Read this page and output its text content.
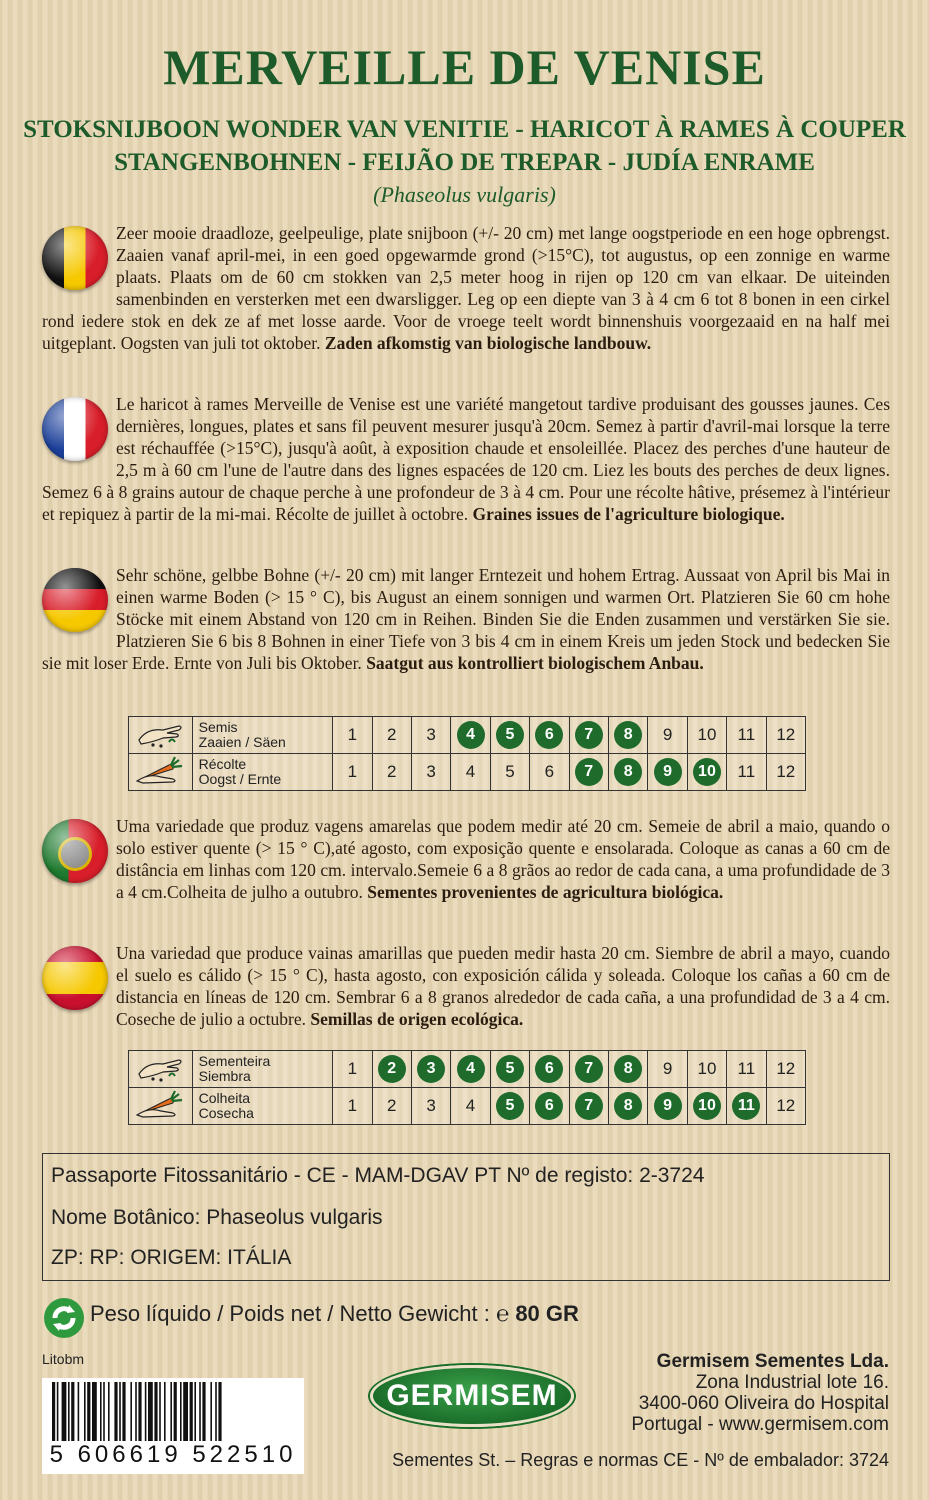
MERVEILLE DE VENISE
STOKSNIJBOON WONDER VAN VENITIE - HARICOT À RAMES À COUPER
STANGENBOHNEN - FEIJÃO DE TREPAR - JUDÍA ENRAME
(Phaseolus vulgaris)
Zeer mooie draadloze, geelpeulige, plate snijboon (+/- 20 cm) met lange oogstperiode en een hoge opbrengst. Zaaien vanaf april-mei, in een goed opgewarmde grond (>15°C), tot augustus, op een zonnige en warme plaats. Plaats om de 60 cm stokken van 2,5 meter hoog in rijen op 120 cm van elkaar. De uiteinden samenbinden en versterken met een dwarsligger. Leg op een diepte van 3 à 4 cm 6 tot 8 bonen in een cirkel rond iedere stok en dek ze af met losse aarde. Voor de vroege teelt wordt binnenshuis voorgezaaid en na half mei uitgeplant. Oogsten van juli tot oktober. Zaden afkomstig van biologische landbouw.
Le haricot à rames Merveille de Venise est une variété mangetout tardive produisant des gousses jaunes. Ces dernières, longues, plates et sans fil peuvent mesurer jusqu'à 20cm. Semez à partir d'avril-mai lorsque la terre est réchauffée (>15°C), jusqu'à août, à exposition chaude et ensoleillée. Placez des perches d'une hauteur de 2,5 m à 60 cm l'une de l'autre dans des lignes espacées de 120 cm. Liez les bouts des perches de deux lignes. Semez 6 à 8 grains autour de chaque perche à une profondeur de 3 à 4 cm. Pour une récolte hâtive, présemez à l'intérieur et repiquez à partir de la mi-mai. Récolte de juillet à octobre. Graines issues de l'agriculture biologique.
Sehr schöne, gelbbe Bohne (+/- 20 cm) mit langer Erntezeit und hohem Ertrag. Aussaat von April bis Mai in einen warme Boden (> 15 ° C), bis August an einem sonnigen und warmen Ort. Platzieren Sie 60 cm hohe Stöcke mit einem Abstand von 120 cm in Reihen. Binden Sie die Enden zusammen und verstärken Sie sie. Platzieren Sie 6 bis 8 Bohnen in einer Tiefe von 3 bis 4 cm in einem Kreis um jeden Stock und bedecken Sie sie mit loser Erde. Ernte von Juli bis Oktober. Saatgut aus kontrolliert biologischem Anbau.

Semis
Zaaien / Säen	1	2	3	4	5	6	7	8	9	10	11	12

Récolte
Oogst / Ernte	1	2	3	4	5	6	7	8	9	10	11	12
Uma variedade que produz vagens amarelas que podem medir até 20 cm. Semeie de abril a maio, quando o solo estiver quente (> 15 ° C),até agosto, com exposição quente e ensolarada. Coloque as canas a 60 cm de distância em linhas com 120 cm. intervalo.Semeie 6 a 8 grãos ao redor de cada cana, a uma profundidade de 3 a 4 cm.Colheita de julho a outubro. Sementes provenientes de agricultura biológica.
Una variedad que produce vainas amarillas que pueden medir hasta 20 cm. Siembre de abril a mayo, cuando el suelo es cálido (> 15 ° C), hasta agosto, con exposición cálida y soleada. Coloque los cañas a 60 cm de distancia en líneas de 120 cm. Sembrar 6 a 8 granos alrededor de cada caña, a una profundidad de 3 a 4 cm. Coseche de julio a octubre. Semillas de origen ecológica.

Sementeira
Siembra	1	2	3	4	5	6	7	8	9	10	11	12

Colheita
Cosecha	1	2	3	4	5	6	7	8	9	10	11	12
Passaporte Fitossanitário - CE - MAM-DGAV PT Nº de registo: 2-3724
Nome Botânico: Phaseolus vulgaris
ZP: RP: ORIGEM: ITÁLIA
Peso líquido / Poids net / Netto Gewicht : ℮ 80 GR
Litobm
5 606619 522510
GERMISEM
Germisem Sementes Lda.
Zona Industrial lote 16.
3400-060 Oliveira do Hospital
Portugal - www.germisem.com
Sementes St. – Regras e normas CE - Nº de embalador: 3724
